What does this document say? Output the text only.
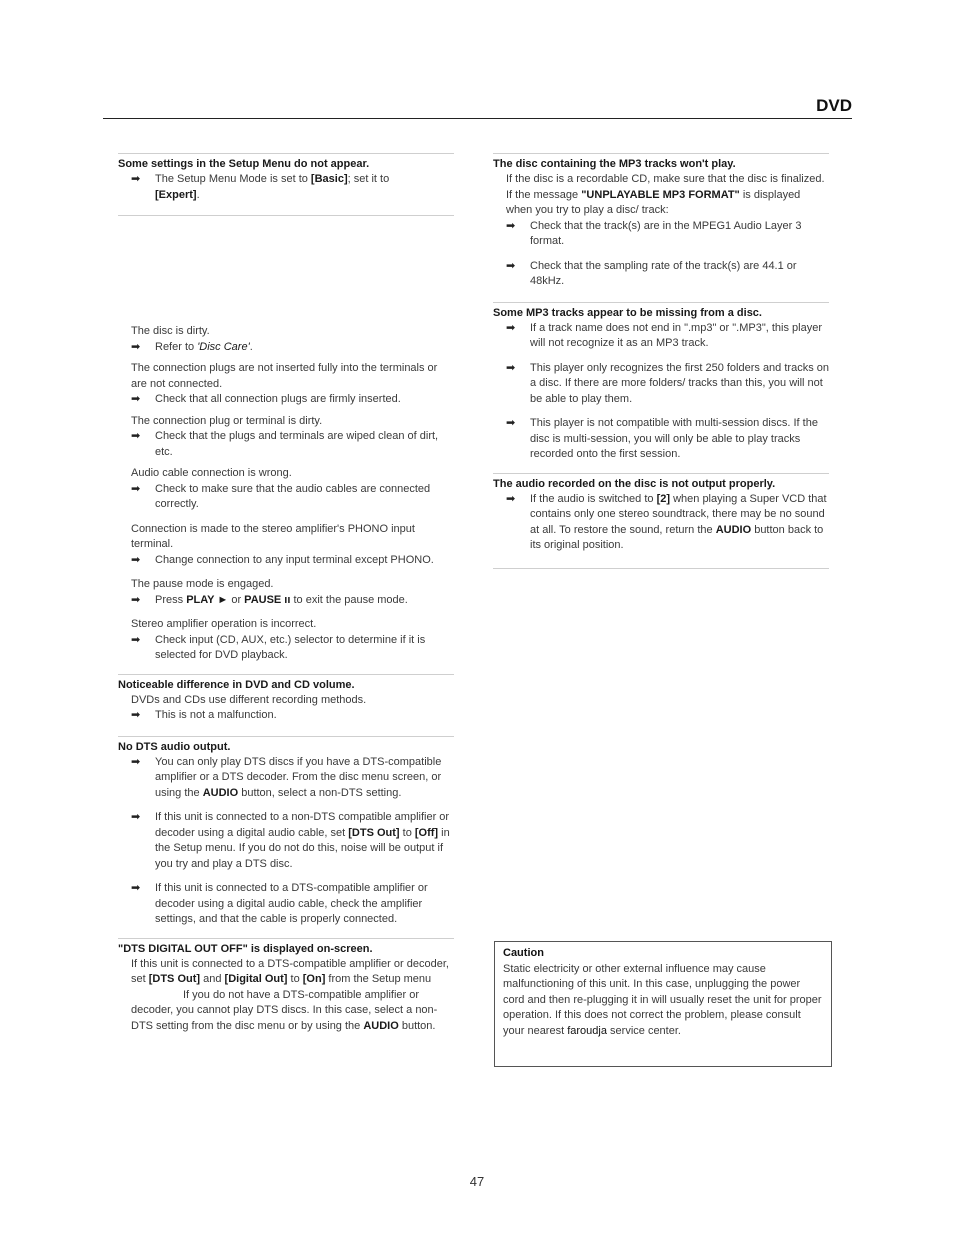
DVD
Some settings in the Setup Menu do not appear.
➡ The Setup Menu Mode is set to [Basic]; set it to
[Expert].
The disc is dirty.
➡ Refer to 'Disc Care'.
The connection plugs are not inserted fully into the terminals or are not connected.
➡ Check that all connection plugs are firmly inserted.
The connection plug or terminal is dirty.
➡ Check that the plugs and terminals are wiped clean of dirt, etc.
Audio cable connection is wrong.
➡ Check to make sure that the audio cables are connected correctly.
Connection is made to the stereo amplifier's PHONO input terminal.
➡ Change connection to any input terminal except PHONO.
The pause mode is engaged.
➡ Press PLAY ► or PAUSE ıı to exit the pause mode.
Stereo amplifier operation is incorrect.
➡ Check input (CD, AUX, etc.) selector to determine if it is selected for DVD playback.
Noticeable difference in DVD and CD volume.
DVDs and CDs use different recording methods.
➡ This is not a malfunction.
No DTS audio output.
➡ You can only play DTS discs if you have a DTS-compatible amplifier or a DTS decoder. From the disc menu screen, or using the AUDIO button, select a non-DTS setting.
➡ If this unit is connected to a non-DTS compatible amplifier or decoder using a digital audio cable, set [DTS Out] to [Off] in the Setup menu. If you do not do this, noise will be output if you try and play a DTS disc.
➡ If this unit is connected to a DTS-compatible amplifier or decoder using a digital audio cable, check the amplifier settings, and that the cable is properly connected.
"DTS DIGITAL OUT OFF" is displayed on-screen.
If this unit is connected to a DTS-compatible amplifier or decoder, set [DTS Out] and [Digital Out] to [On] from the Setup menu If you do not have a DTS-compatible amplifier or decoder, you cannot play DTS discs. In this case, select a non-DTS setting from the disc menu or by using the AUDIO button.
The disc containing the MP3 tracks won't play.
If the disc is a recordable CD, make sure that the disc is finalized. If the message "UNPLAYABLE MP3 FORMAT" is displayed when you try to play a disc/ track:
➡ Check that the track(s) are in the MPEG1 Audio Layer 3 format.
➡ Check that the sampling rate of the track(s) are 44.1 or 48kHz.
Some MP3 tracks appear to be missing from a disc.
➡ If a track name does not end in ".mp3" or ".MP3", this player will not recognize it as an MP3 track.
➡ This player only recognizes the first 250 folders and tracks on a disc. If there are more folders/ tracks than this, you will not be able to play them.
➡ This player is not compatible with multi-session discs. If the disc is multi-session, you will only be able to play tracks recorded onto the first session.
The audio recorded on the disc is not output properly.
➡ If the audio is switched to [2] when playing a Super VCD that contains only one stereo soundtrack, there may be no sound at all. To restore the sound, return the AUDIO button back to its original position.
Caution
Static electricity or other external influence may cause malfunctioning of this unit. In this case, unplugging the power cord and then re-plugging it in will usually reset the unit for proper operation. If this does not correct the problem, please consult your nearest faroudja service center.
47
